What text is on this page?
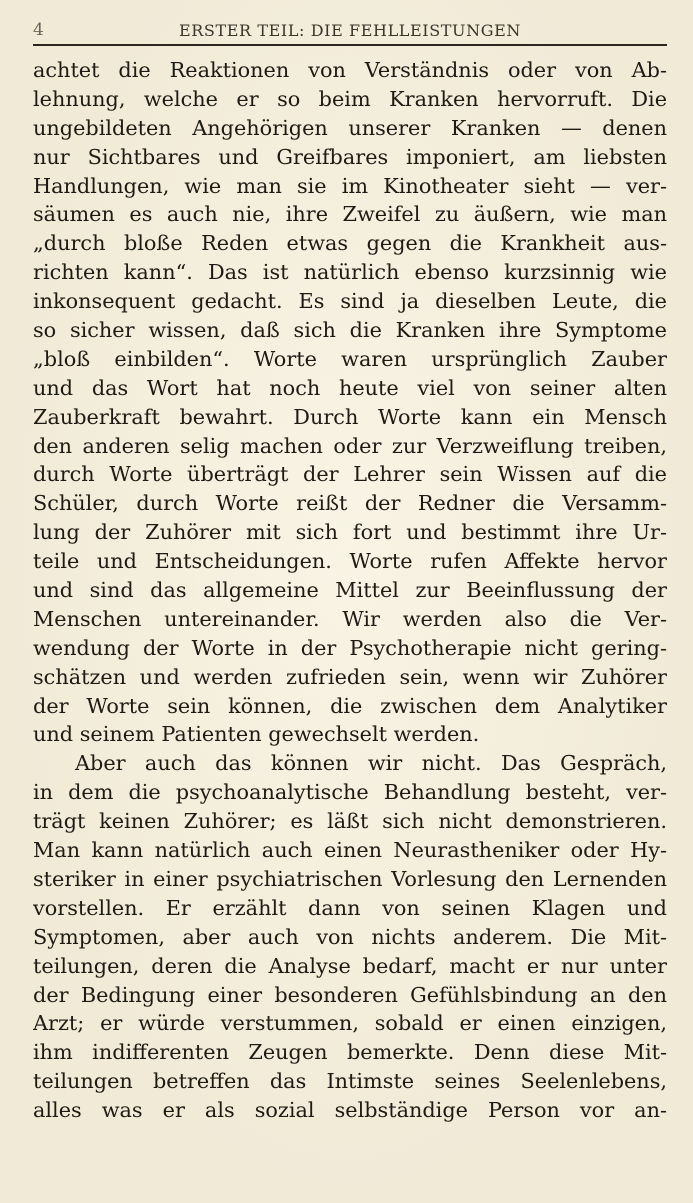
4	ERSTER TEIL: DIE FEHLLEISTUNGEN
achtet die Reaktionen von Verständnis oder von Ab-
lehnung, welche er so beim Kranken hervorruft. Die
ungebildeten Angehörigen unserer Kranken — denen
nur Sichtbares und Greifbares imponiert, am liebsten
Handlungen, wie man sie im Kinotheater sieht — ver-
säumen es auch nie, ihre Zweifel zu äußern, wie man
„durch bloße Reden etwas gegen die Krankheit aus-
richten kann“. Das ist natürlich ebenso kurzsinnig wie
inkonsequent gedacht. Es sind ja dieselben Leute, die
so sicher wissen, daß sich die Kranken ihre Symptome
„bloß einbilden“. Worte waren ursprünglich Zauber
und das Wort hat noch heute viel von seiner alten
Zauberkraft bewahrt. Durch Worte kann ein Mensch
den anderen selig machen oder zur Verzweiflung treiben,
durch Worte überträgt der Lehrer sein Wissen auf die
Schüler, durch Worte reißt der Redner die Versamm-
lung der Zuhörer mit sich fort und bestimmt ihre Ur-
teile und Entscheidungen. Worte rufen Affekte hervor
und sind das allgemeine Mittel zur Beeinflussung der
Menschen untereinander. Wir werden also die Ver-
wendung der Worte in der Psychotherapie nicht gering-
schätzen und werden zufrieden sein, wenn wir Zuhörer
der Worte sein können, die zwischen dem Analytiker
und seinem Patienten gewechselt werden.
Aber auch das können wir nicht. Das Gespräch,
in dem die psychoanalytische Behandlung besteht, ver-
trägt keinen Zuhörer; es läßt sich nicht demonstrieren.
Man kann natürlich auch einen Neurastheniker oder Hy-
steriker in einer psychiatrischen Vorlesung den Lernenden
vorstellen. Er erzählt dann von seinen Klagen und
Symptomen, aber auch von nichts anderem. Die Mit-
teilungen, deren die Analyse bedarf, macht er nur unter
der Bedingung einer besonderen Gefühlsbindung an den
Arzt; er würde verstummen, sobald er einen einzigen,
ihm indifferenten Zeugen bemerkte. Denn diese Mit-
teilungen betreffen das Intimste seines Seelenlebens,
alles was er als sozial selbständige Person vor an-
